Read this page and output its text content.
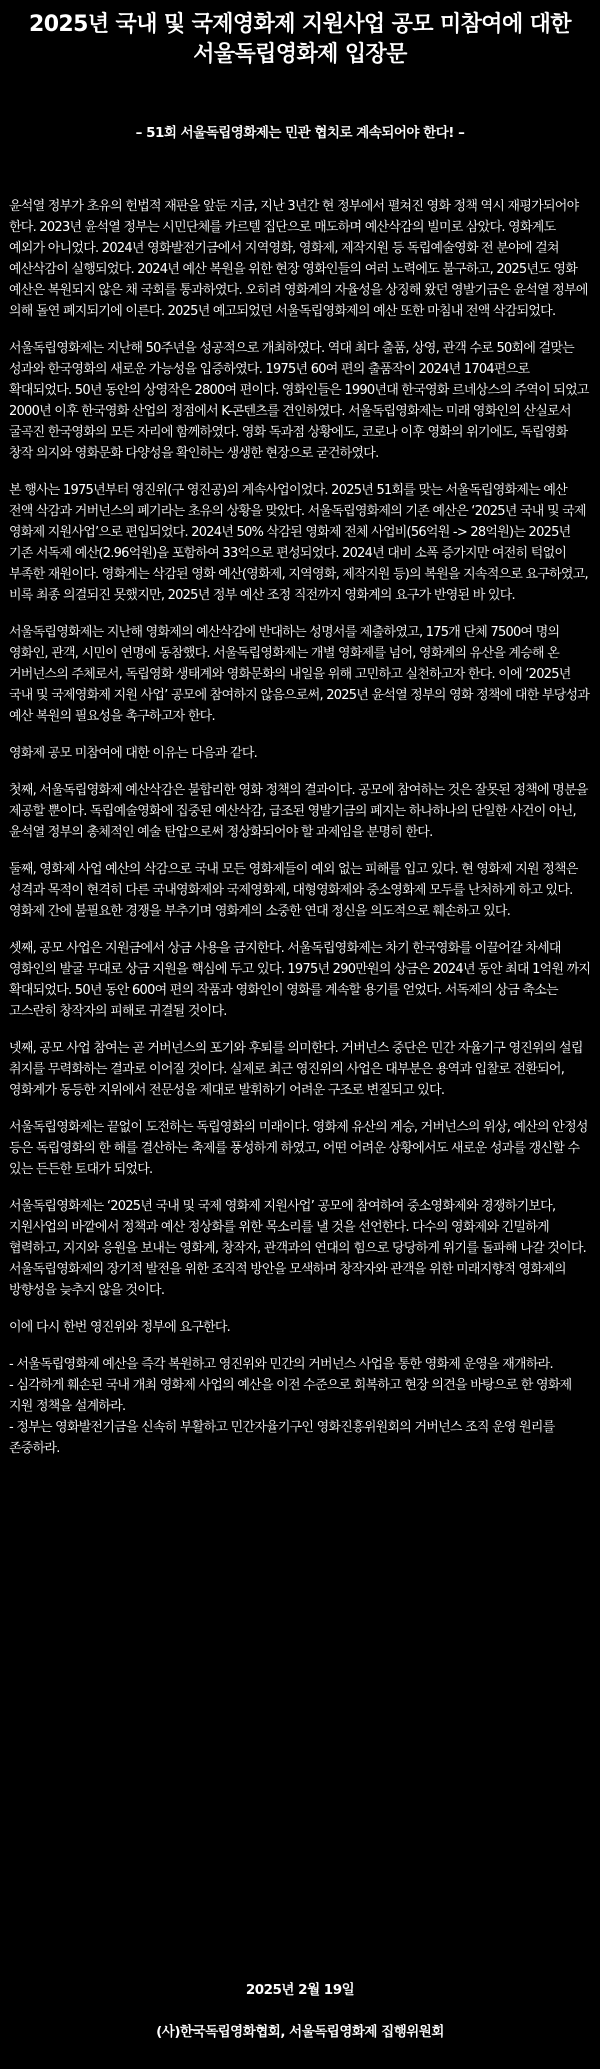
2025년 국내 및 국제영화제 지원사업 공모 미참여에 대한
서울독립영화제 입장문
– 51회 서울독립영화제는 민관 협치로 계속되어야 한다! –

윤석열 정부가 초유의 헌법적 재판을 앞둔 지금, 지난 3년간 현 정부에서 펼쳐진 영화 정책 역시 재평가되어야 한다. 2023년 윤석열 정부는 시민단체를 카르텔 집단으로 매도하며 예산삭감의 빌미로 삼았다. 영화계도 예외가 아니었다. 2024년 영화발전기금에서 지역영화, 영화제, 제작지원 등 독립예술영화 전 분야에 걸쳐 예산삭감이 실행되었다. 2024년 예산 복원을 위한 현장 영화인들의 여러 노력에도 불구하고, 2025년도 영화 예산은 복원되지 않은 채 국회를 통과하였다. 오히려 영화계의 자율성을 상징해 왔던 영발기금은 윤석열 정부에 의해 돌연 폐지되기에 이른다. 2025년 예고되었던 서울독립영화제의 예산 또한 마침내 전액 삭감되었다.

서울독립영화제는 지난해 50주년을 성공적으로 개최하였다. 역대 최다 출품, 상영, 관객 수로 50회에 걸맞는 성과와 한국영화의 새로운 가능성을 입증하였다. 1975년 60여 편의 출품작이 2024년 1704편으로 확대되었다. 50년 동안의 상영작은 2800여 편이다. 영화인들은 1990년대 한국영화 르네상스의 주역이 되었고 2000년 이후 한국영화 산업의 정점에서 K-콘텐츠를 견인하였다. 서울독립영화제는 미래 영화인의 산실로서 굴곡진 한국영화의 모든 자리에 함께하였다. 영화 독과점 상황에도, 코로나 이후 영화의 위기에도, 독립영화 창작 의지와 영화문화 다양성을 확인하는 생생한 현장으로 굳건하였다.

본 행사는 1975년부터 영진위(구 영진공)의 계속사업이었다. 2025년 51회를 맞는 서울독립영화제는 예산 전액 삭감과 거버넌스의 폐기라는 초유의 상황을 맞았다. 서울독립영화제의 기존 예산은 ‘2025년 국내 및 국제 영화제 지원사업’으로 편입되었다. 2024년 50% 삭감된 영화제 전체 사업비(56억원 -> 28억원)는 2025년 기존 서독제 예산(2.96억원)을 포함하여 33억으로 편성되었다. 2024년 대비 소폭 증가지만 여전히 턱없이 부족한 재원이다. 영화계는 삭감된 영화 예산(영화제, 지역영화, 제작지원 등)의 복원을 지속적으로 요구하였고, 비록 최종 의결되진 못했지만, 2025년 정부 예산 조정 직전까지 영화계의 요구가 반영된 바 있다.

서울독립영화제는 지난해 영화제의 예산삭감에 반대하는 성명서를 제출하였고, 175개 단체 7500여 명의 영화인, 관객, 시민이 연명에 동참했다. 서울독립영화제는 개별 영화제를 넘어, 영화계의 유산을 계승해 온 거버넌스의 주체로서, 독립영화 생태계와 영화문화의 내일을 위해 고민하고 실천하고자 한다. 이에 ‘2025년 국내 및 국제영화제 지원 사업’ 공모에 참여하지 않음으로써, 2025년 윤석열 정부의 영화 정책에 대한 부당성과 예산 복원의 필요성을 촉구하고자 한다.

영화제 공모 미참여에 대한 이유는 다음과 같다.

첫째, 서울독립영화제 예산삭감은 불합리한 영화 정책의 결과이다. 공모에 참여하는 것은 잘못된 정책에 명분을 제공할 뿐이다. 독립예술영화에 집중된 예산삭감, 급조된 영발기금의 폐지는 하나하나의 단일한 사건이 아닌, 윤석열 정부의 총체적인 예술 탄압으로써 정상화되어야 할 과제임을 분명히 한다.

둘째, 영화제 사업 예산의 삭감으로 국내 모든 영화제들이 예외 없는 피해를 입고 있다. 현 영화제 지원 정책은 성격과 목적이 현격히 다른 국내영화제와 국제영화제, 대형영화제와 중소영화제 모두를 난처하게 하고 있다. 영화제 간에 불필요한 경쟁을 부추기며 영화계의 소중한 연대 정신을 의도적으로 훼손하고 있다.

셋째, 공모 사업은 지원금에서 상금 사용을 금지한다. 서울독립영화제는 차기 한국영화를 이끌어갈 차세대 영화인의 발굴 무대로 상금 지원을 핵심에 두고 있다. 1975년 290만원의 상금은 2024년 동안 최대 1억원 까지 확대되었다. 50년 동안 600여 편의 작품과 영화인이 영화를 계속할 용기를 얻었다. 서독제의 상금 축소는 고스란히 창작자의 피해로 귀결될 것이다.

넷째, 공모 사업 참여는 곧 거버넌스의 포기와 후퇴를 의미한다. 거버넌스 중단은 민간 자율기구 영진위의 설립 취지를 무력화하는 결과로 이어질 것이다. 실제로 최근 영진위의 사업은 대부분은 용역과 입찰로 전환되어, 영화계가 동등한 지위에서 전문성을 제대로 발휘하기 어려운 구조로 변질되고 있다.

서울독립영화제는 끝없이 도전하는 독립영화의 미래이다. 영화제 유산의 계승, 거버넌스의 위상, 예산의 안정성 등은 독립영화의 한 해를 결산하는 축제를 풍성하게 하였고, 어떤 어려운 상황에서도 새로운 성과를 갱신할 수 있는 든든한 토대가 되었다.

서울독립영화제는 ‘2025년 국내 및 국제 영화제 지원사업’ 공모에 참여하여 중소영화제와 경쟁하기보다, 지원사업의 바깥에서 정책과 예산 정상화를 위한 목소리를 낼 것을 선언한다. 다수의 영화제와 긴밀하게 협력하고, 지지와 응원을 보내는 영화계, 창작자, 관객과의 연대의 힘으로 당당하게 위기를 돌파해 나갈 것이다. 서울독립영화제의 장기적 발전을 위한 조직적 방안을 모색하며 창작자와 관객을 위한 미래지향적 영화제의 방향성을 늦추지 않을 것이다.

이에 다시 한번 영진위와 정부에 요구한다.

- 서울독립영화제 예산을 즉각 복원하고 영진위와 민간의 거버넌스 사업을 통한 영화제 운영을 재개하라.
- 심각하게 훼손된 국내 개최 영화제 사업의 예산을 이전 수준으로 회복하고 현장 의견을 바탕으로 한 영화제 지원 정책을 설계하라.
- 정부는 영화발전기금을 신속히 부활하고 민간자율기구인 영화진흥위원회의 거버넌스 조직 운영 원리를 존중하라.
2025년 2월 19일
(사)한국독립영화협회, 서울독립영화제 집행위원회
